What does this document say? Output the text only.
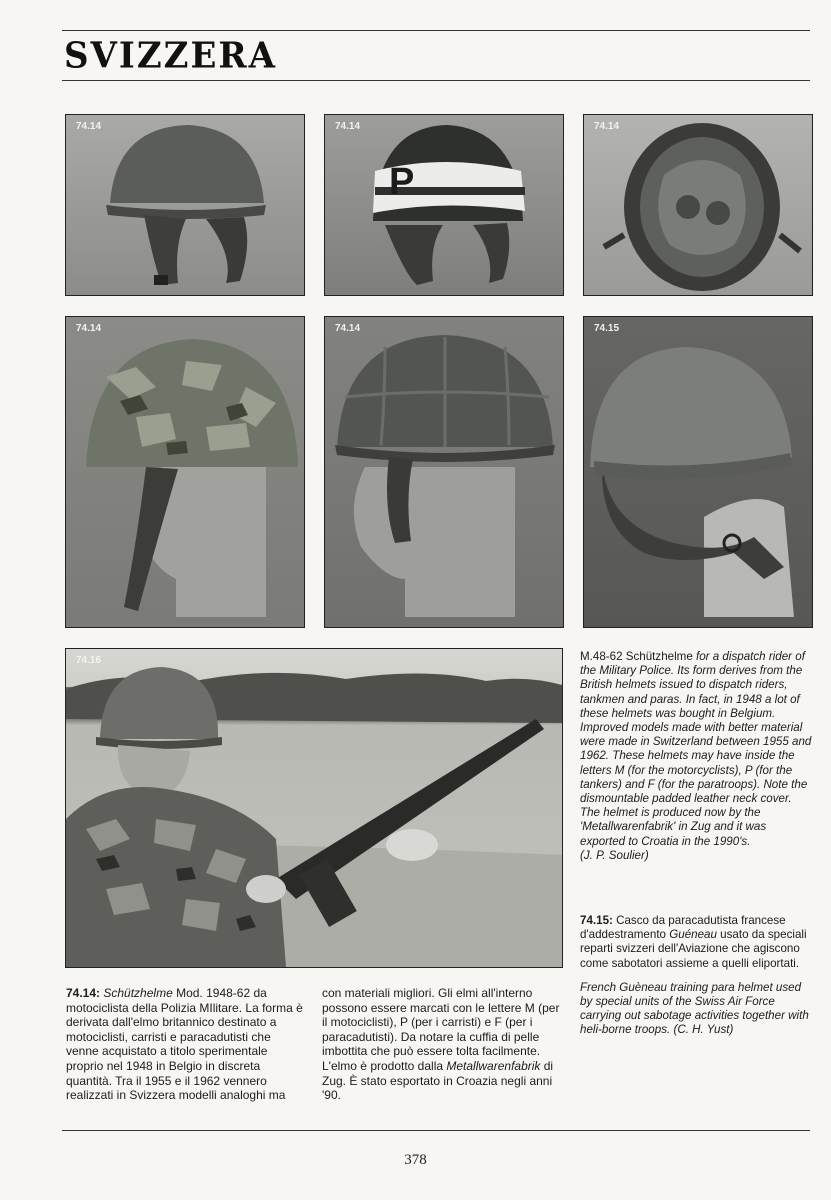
SVIZZERA
74.14
P
74.14	74.14
74.14	74.14	74.15
74.16	M.48-62 Schützhelme for a dispatch rider of the Military Police. Its form derives from the British helmets issued to dispatch riders, tankmen and paras. In fact, in 1948 a lot of these helmets was bought in Belgium. Improved models made with better material were made in Switzerland between 1955 and 1962. These helmets may have inside the letters M (for the motorcyclists), P (for the tankers) and F (for the paratroops). Note the dismountable padded leather neck cover. The helmet is produced now by the 'Metallwarenfabrik' in Zug and it was exported to Croatia in the 1990's.
(J. P. Soulier)

74.15: Casco da paracadutista francese d'addestramento Guéneau usato da speciali reparti svizzeri dell'Aviazione che agiscono come sabotatori assieme a quelli eliportati.

French Guèneau training para helmet used by special units of the Swiss Air Force carrying out sabotage activities together with heli-borne troops. (C. H. Yust)

74.14: Schützhelme Mod. 1948-62 da motociclista della Polizia MIlitare. La forma è derivata dall'elmo britannico destinato a motociclisti, carristi e paracadutisti che venne acquistato a titolo sperimentale proprio nel 1948 in Belgio in discreta quantità. Tra il 1955 e il 1962 vennero realizzati in Svizzera modelli analoghi ma
con materiali migliori. Gli elmi all'interno possono essere marcati con le lettere M (per il motociclisti), P (per i carristi) e F (per i paracadutisti). Da notare la cuffia di pelle imbottita che può essere tolta facilmente. L'elmo è prodotto dalla Metallwarenfabrik di Zug. È stato esportato in Croazia negli anni '90.
378
